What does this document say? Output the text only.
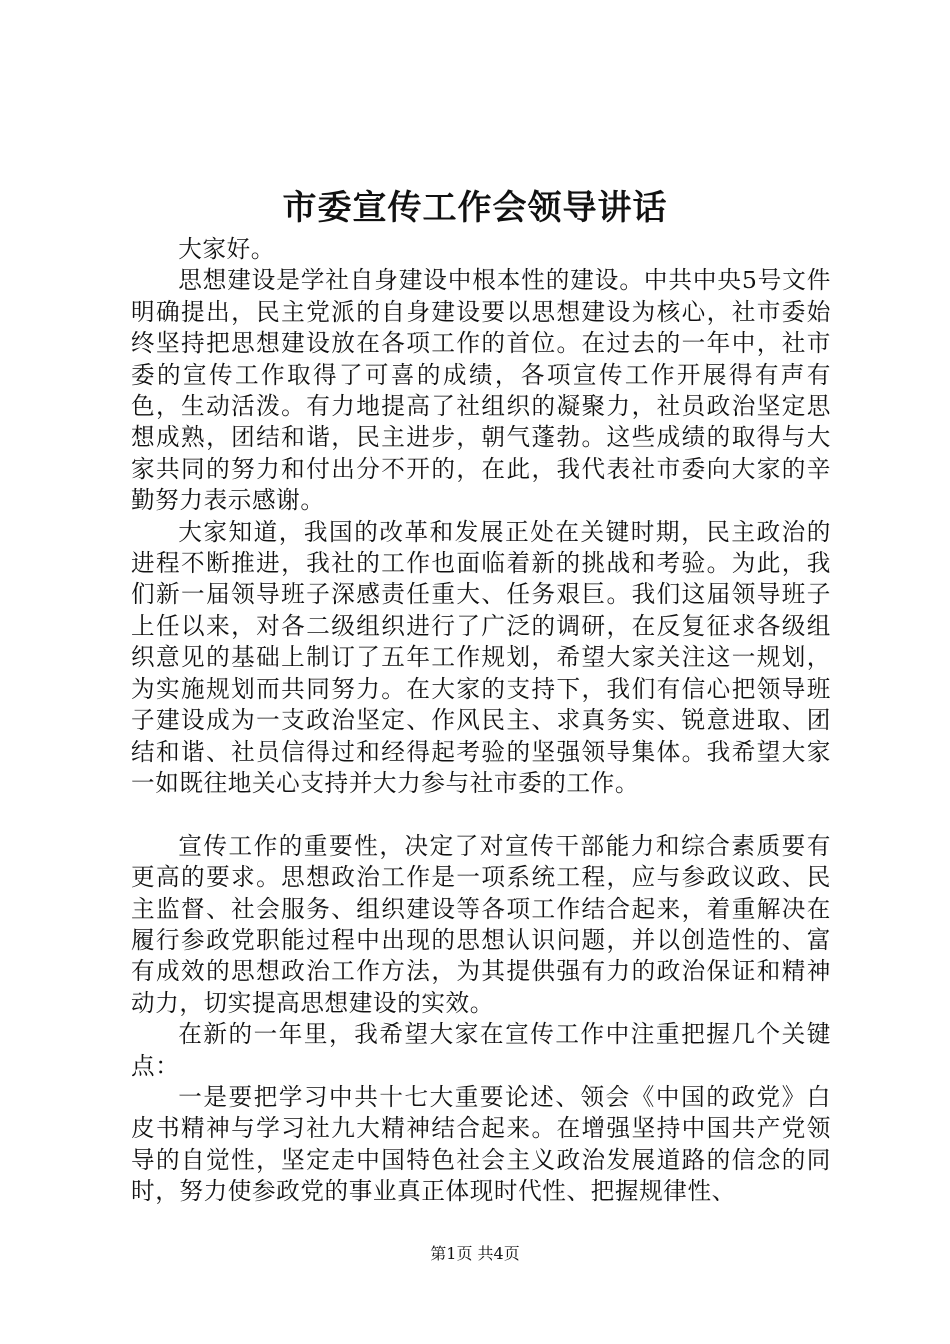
市委宣传工作会领导讲话

大家好。

思想建设是学社自身建设中根本性的建设。中共中央5号文件明确提出，民主党派的自身建设要以思想建设为核心，社市委始终坚持把思想建设放在各项工作的首位。在过去的一年中，社市委的宣传工作取得了可喜的成绩，各项宣传工作开展得有声有色，生动活泼。有力地提高了社组织的凝聚力，社员政治坚定思想成熟，团结和谐，民主进步，朝气蓬勃。这些成绩的取得与大家共同的努力和付出分不开的，在此，我代表社市委向大家的辛勤努力表示感谢。

大家知道，我国的改革和发展正处在关键时期，民主政治的进程不断推进，我社的工作也面临着新的挑战和考验。为此，我们新一届领导班子深感责任重大、任务艰巨。我们这届领导班子上任以来，对各二级组织进行了广泛的调研，在反复征求各级组织意见的基础上制订了五年工作规划，希望大家关注这一规划，为实施规划而共同努力。在大家的支持下，我们有信心把领导班子建设成为一支政治坚定、作风民主、求真务实、锐意进取、团结和谐、社员信得过和经得起考验的坚强领导集体。我希望大家一如既往地关心支持并大力参与社市委的工作。

宣传工作的重要性，决定了对宣传干部能力和综合素质要有更高的要求。思想政治工作是一项系统工程，应与参政议政、民主监督、社会服务、组织建设等各项工作结合起来，着重解决在履行参政党职能过程中出现的思想认识问题，并以创造性的、富有成效的思想政治工作方法，为其提供强有力的政治保证和精神动力，切实提高思想建设的实效。

在新的一年里，我希望大家在宣传工作中注重把握几个关键点：

一是要把学习中共十七大重要论述、领会《中国的政党》白皮书精神与学习社九大精神结合起来。在增强坚持中国共产党领导的自觉性，坚定走中国特色社会主义政治发展道路的信念的同时，努力使参政党的事业真正体现时代性、把握规律性、

第1页 共4页
